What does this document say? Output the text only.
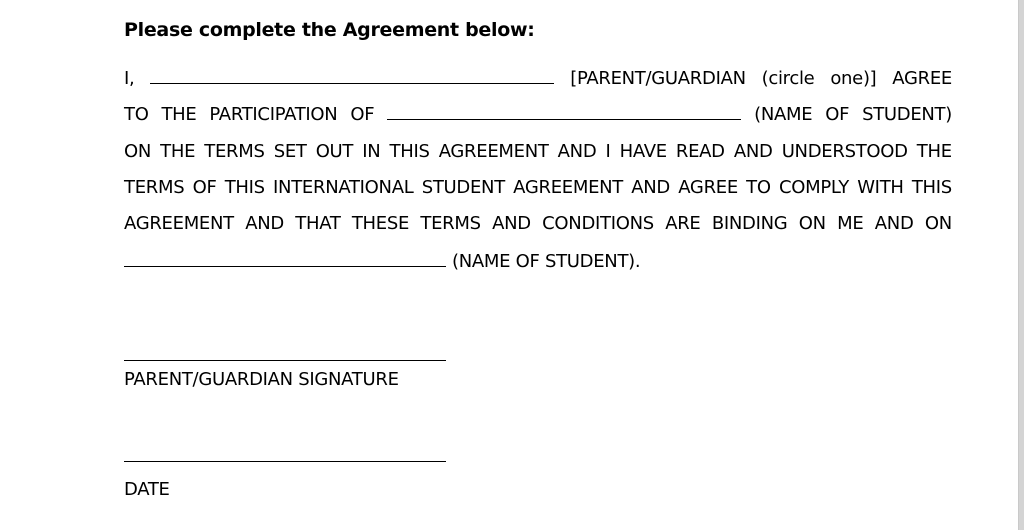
Please complete the Agreement below:
I,	[PARENT/GUARDIAN (circle one)] AGREE
TO THE PARTICIPATION OF	(NAME OF STUDENT)
ON THE TERMS SET OUT IN THIS AGREEMENT AND I HAVE READ AND UNDERSTOOD THE
TERMS OF THIS INTERNATIONAL STUDENT AGREEMENT AND AGREE TO COMPLY WITH THIS
AGREEMENT AND THAT THESE TERMS AND CONDITIONS ARE BINDING ON ME AND ON
(NAME OF STUDENT).
PARENT/GUARDIAN SIGNATURE
DATE
